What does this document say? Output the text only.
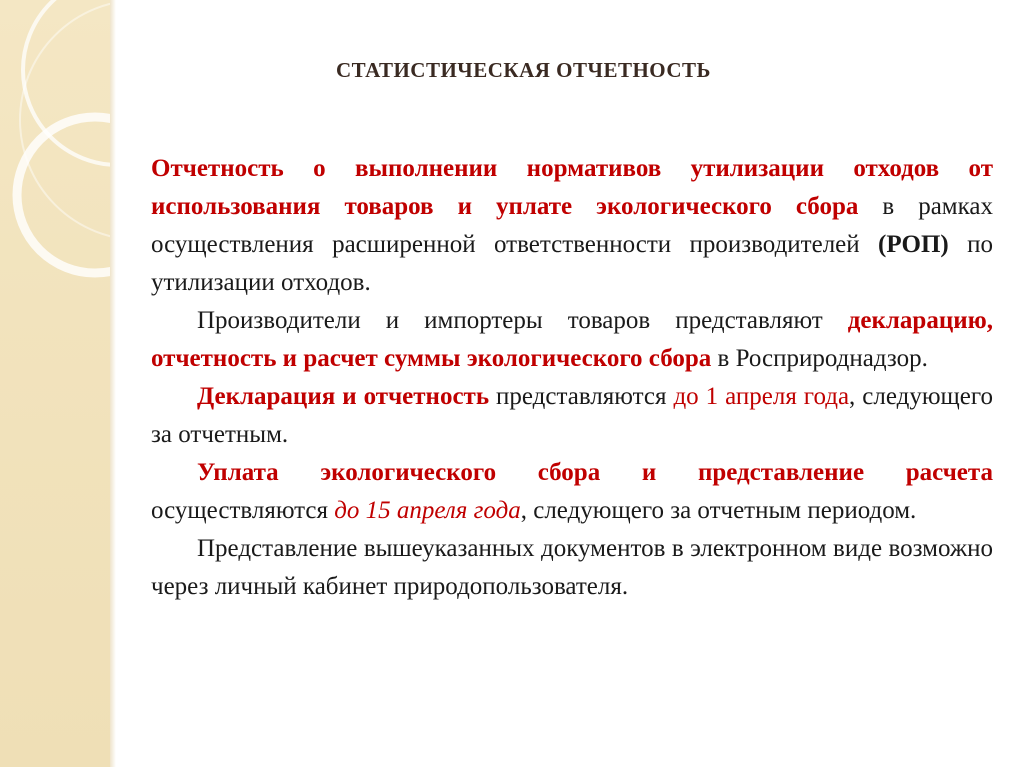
СТАТИСТИЧЕСКАЯ ОТЧЕТНОСТЬ

Отчетность о выполнении нормативов утилизации отходов от использования товаров и уплате экологического сбора в рамках осуществления расширенной ответственности производителей (РОП) по утилизации отходов.

Производители и импортеры товаров представляют декларацию, отчетность и расчет суммы экологического сбора в Росприроднадзор.

Декларация и отчетность представляются до 1 апреля года, следующего за отчетным.

Уплата экологического сбора и представление расчета осуществляются до 15 апреля года, следующего за отчетным периодом.

Представление вышеуказанных документов в электронном виде возможно через личный кабинет природопользователя.
